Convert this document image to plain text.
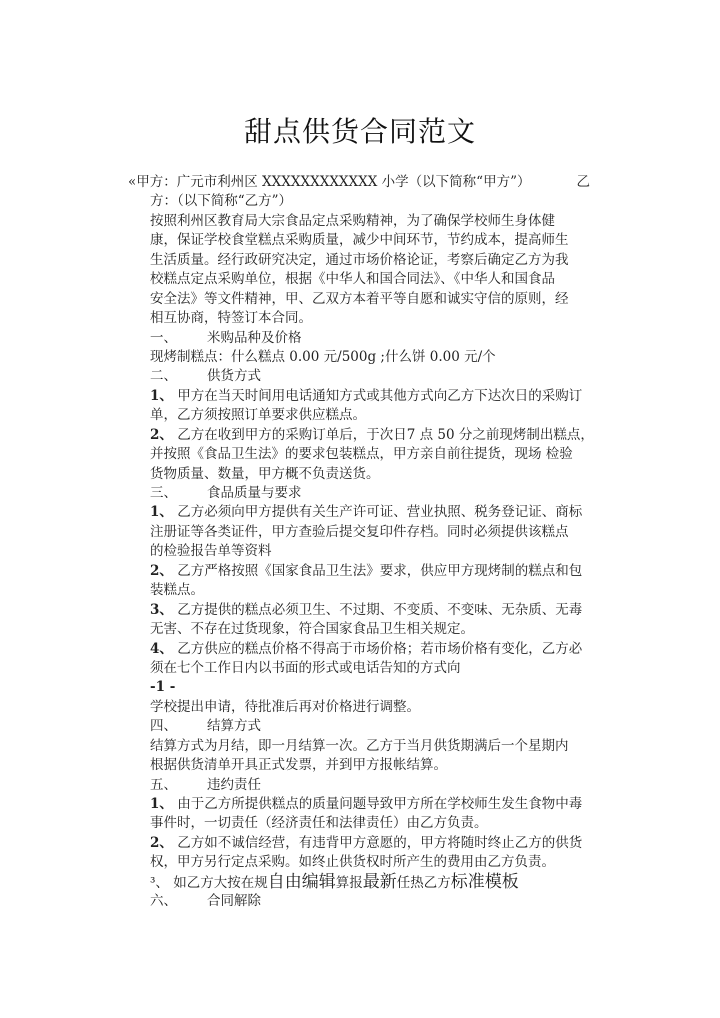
甜点供货合同范文
«甲方：广元市利州区 XXXXXXXXXXXX 小学（以下简称“甲方”）	乙
方：（以下简称“乙方”）
按照利州区教育局大宗食品定点采购精神，为了确保学校师生身体健
康，保证学校食堂糕点采购质量，减少中间环节，节约成本，提高师生
生活质量。经行政研究决定，通过市场价格论证，考察后确定乙方为我
校糕点定点采购单位，根据《中华人和国合同法》、《中华人和国食品
安全法》等文件精神，甲、乙双方本着平等自愿和诚实守信的原则，经
相互协商，特签订本合同。
一、 米购品种及价格
现烤制糕点：什么糕点 0.00 元/500g ;什么饼 0.00 元/个
二、 供货方式
1、 甲方在当天时间用电话通知方式或其他方式向乙方下达次日的采购订
单，乙方须按照订单要求供应糕点。
2、 乙方在收到甲方的采购订单后，于次日7 点 50 分之前现烤制出糕点，
并按照《食品卫生法》的要求包装糕点，甲方亲自前往提货，现场 检验
货物质量、数量，甲方概不负责送货。
三、 食品质量与要求
1、 乙方必须向甲方提供有关生产许可证、营业执照、税务登记证、商标
注册证等各类证件，甲方查验后提交复印件存档。同时必须提供该糕点
的检验报告单等资料
2、 乙方严格按照《国家食品卫生法》要求，供应甲方现烤制的糕点和包
装糕点。
3、 乙方提供的糕点必须卫生、不过期、不变质、不变味、无杂质、无毒
无害、不存在过货现象，符合国家食品卫生相关规定。
4、 乙方供应的糕点价格不得高于市场价格；若市场价格有变化，乙方必
须在七个工作日内以书面的形式或电话告知的方式向
-1 -
学校提出申请，待批准后再对价格进行调整。
四、 结算方式
结算方式为月结，即一月结算一次。乙方于当月供货期满后一个星期内
根据供货清单开具正式发票，并到甲方报帐结算。
五、 违约责任
1、 由于乙方所提供糕点的质量问题导致甲方所在学校师生发生食物中毒
事件时，一切责任（经济责任和法律责任）由乙方负责。
2、 乙方如不诚信经营，有违背甲方意愿的，甲方将随时终止乙方的供货
权，甲方另行定点采购。如终止供货权时所产生的费用由乙方负责。
³、 如乙方大按在规自由编辑算报最新任热乙方标准模板
六、 合同解除
